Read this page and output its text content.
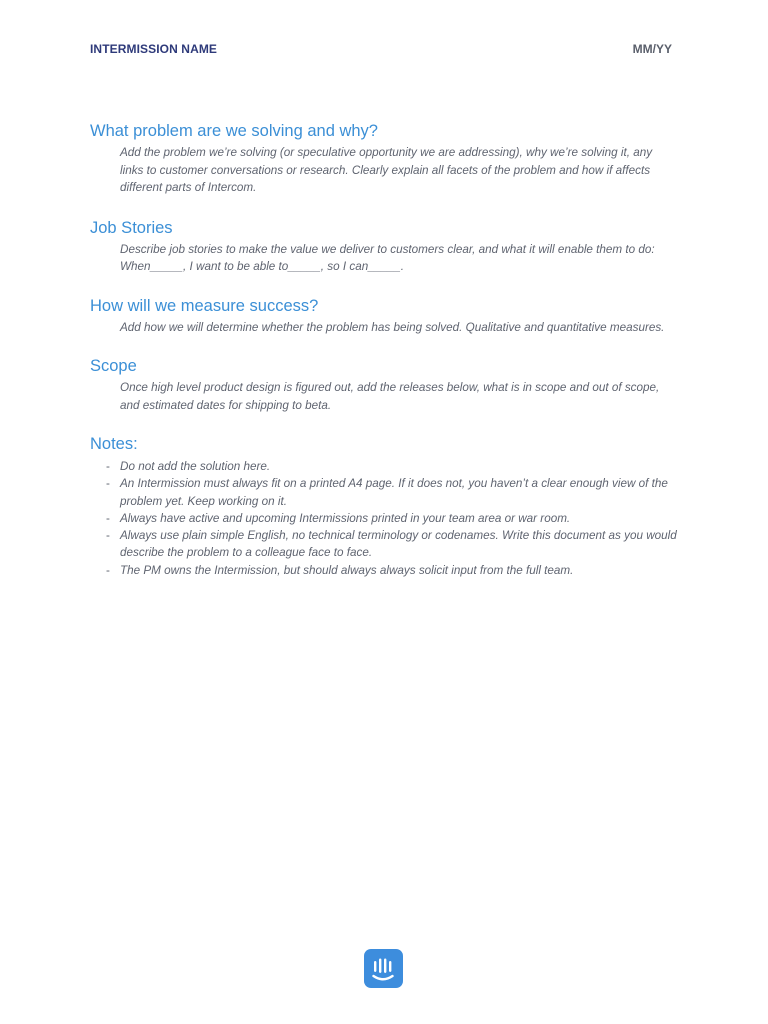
INTERMISSION NAME	MM/YY
What problem are we solving and why?

Add the problem we’re solving (or speculative opportunity we are addressing), why we’re solving it, any links to customer conversations or research. Clearly explain all facets of the problem and how if affects different parts of Intercom.

Job Stories

Describe job stories to make the value we deliver to customers clear, and what it will enable them to do: When_____, I want to be able to_____, so I can_____.

How will we measure success?

Add how we will determine whether the problem has being solved. Qualitative and quantitative measures.

Scope

Once high level product design is figured out, add the releases below, what is in scope and out of scope, and estimated dates for shipping to beta.

Notes:
- Do not add the solution here.
- An Intermission must always fit on a printed A4 page. If it does not, you haven’t a clear enough view of the problem yet. Keep working on it.
- Always have active and upcoming Intermissions printed in your team area or war room.
- Always use plain simple English, no technical terminology or codenames. Write this document as you would describe the problem to a colleague face to face.
- The PM owns the Intermission, but should always always solicit input from the full team.
